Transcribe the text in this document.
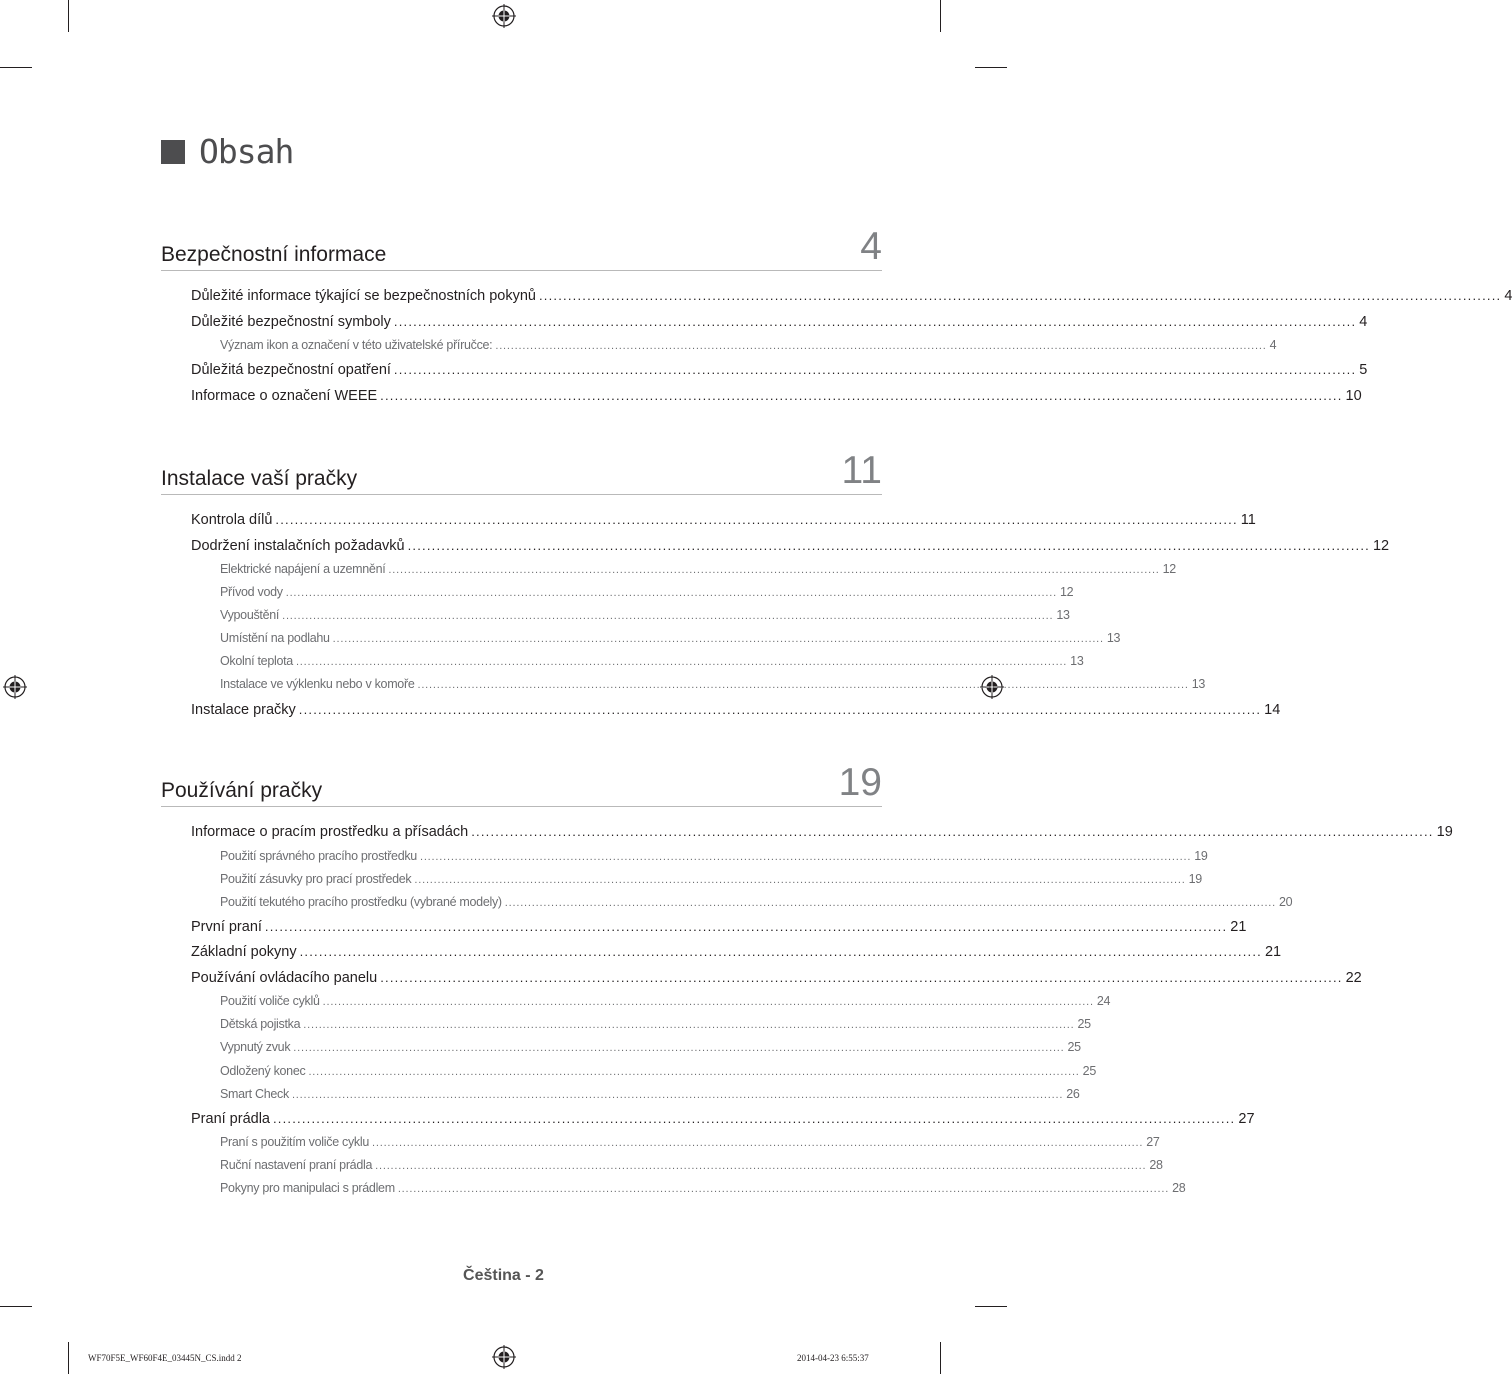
Obsah
Bezpečnostní informace	4
Důležité informace týkající se bezpečnostních pokynů ........................................................................................................................................................................................................ 4
Důležité bezpečnostní symboly ........................................................................................................................................................................................................ 4
Význam ikon a označení v této uživatelské příručce: ........................................................................................................................................................................................................ 4
Důležitá bezpečnostní opatření ........................................................................................................................................................................................................ 5
Informace o označení WEEE ........................................................................................................................................................................................................ 10
Instalace vaší pračky	11
Kontrola dílů ........................................................................................................................................................................................................ 11
Dodržení instalačních požadavků ........................................................................................................................................................................................................ 12
Elektrické napájení a uzemnění ........................................................................................................................................................................................................ 12
Přívod vody ........................................................................................................................................................................................................ 12
Vypouštění ........................................................................................................................................................................................................ 13
Umístění na podlahu ........................................................................................................................................................................................................ 13
Okolní teplota ........................................................................................................................................................................................................ 13
Instalace ve výklenku nebo v komoře ........................................................................................................................................................................................................ 13
Instalace pračky ........................................................................................................................................................................................................ 14
Používání pračky	19
Informace o pracím prostředku a přísadách ........................................................................................................................................................................................................ 19
Použití správného pracího prostředku ........................................................................................................................................................................................................ 19
Použití zásuvky pro prací prostředek ........................................................................................................................................................................................................ 19
Použití tekutého pracího prostředku (vybrané modely) ........................................................................................................................................................................................................ 20
První praní ........................................................................................................................................................................................................ 21
Základní pokyny ........................................................................................................................................................................................................ 21
Používání ovládacího panelu ........................................................................................................................................................................................................ 22
Použití voliče cyklů ........................................................................................................................................................................................................ 24
Dětská pojistka ........................................................................................................................................................................................................ 25
Vypnutý zvuk ........................................................................................................................................................................................................ 25
Odložený konec ........................................................................................................................................................................................................ 25
Smart Check ........................................................................................................................................................................................................ 26
Praní prádla ........................................................................................................................................................................................................ 27
Praní s použitím voliče cyklu ........................................................................................................................................................................................................ 27
Ruční nastavení praní prádla ........................................................................................................................................................................................................ 28
Pokyny pro manipulaci s prádlem ........................................................................................................................................................................................................ 28
Čeština - 2
WF70F5E_WF60F4E_03445N_CS.indd 2	2014-04-23 6:55:37
